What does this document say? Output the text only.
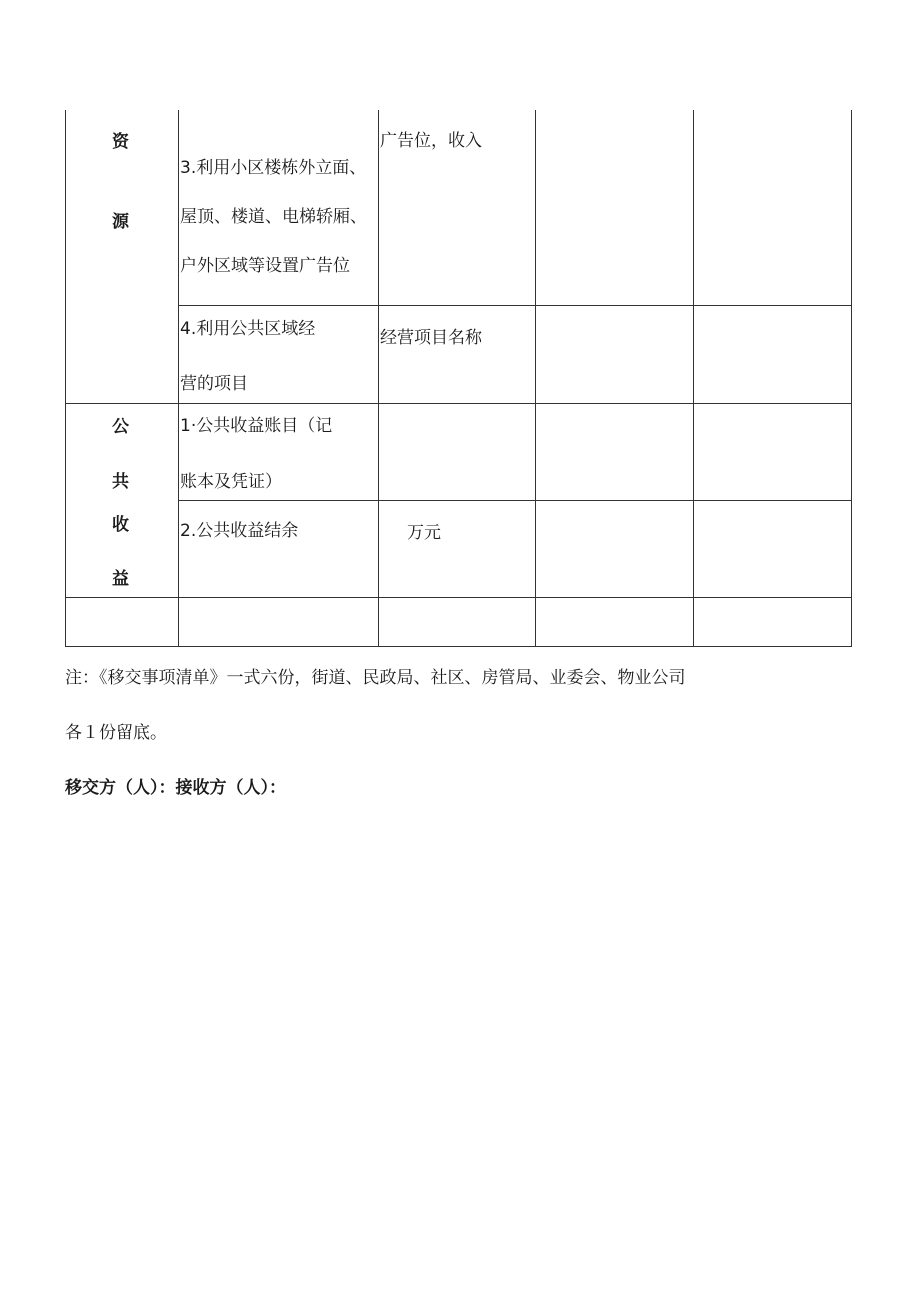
资
源
3.利用小区楼栋外立面、
屋顶、楼道、电梯轿厢、
户外区域等设置广告位
广告位，收入
4.利用公共区域经
营的项目
经营项目名称
公
共
收
益
1·公共收益账目（记
账本及凭证）
2.公共收益结余	万元
注：《移交事项清单》一式六份，街道、民政局、社区、房管局、业委会、物业公司
各１份留底。
移交方（人）：接收方（人）：
